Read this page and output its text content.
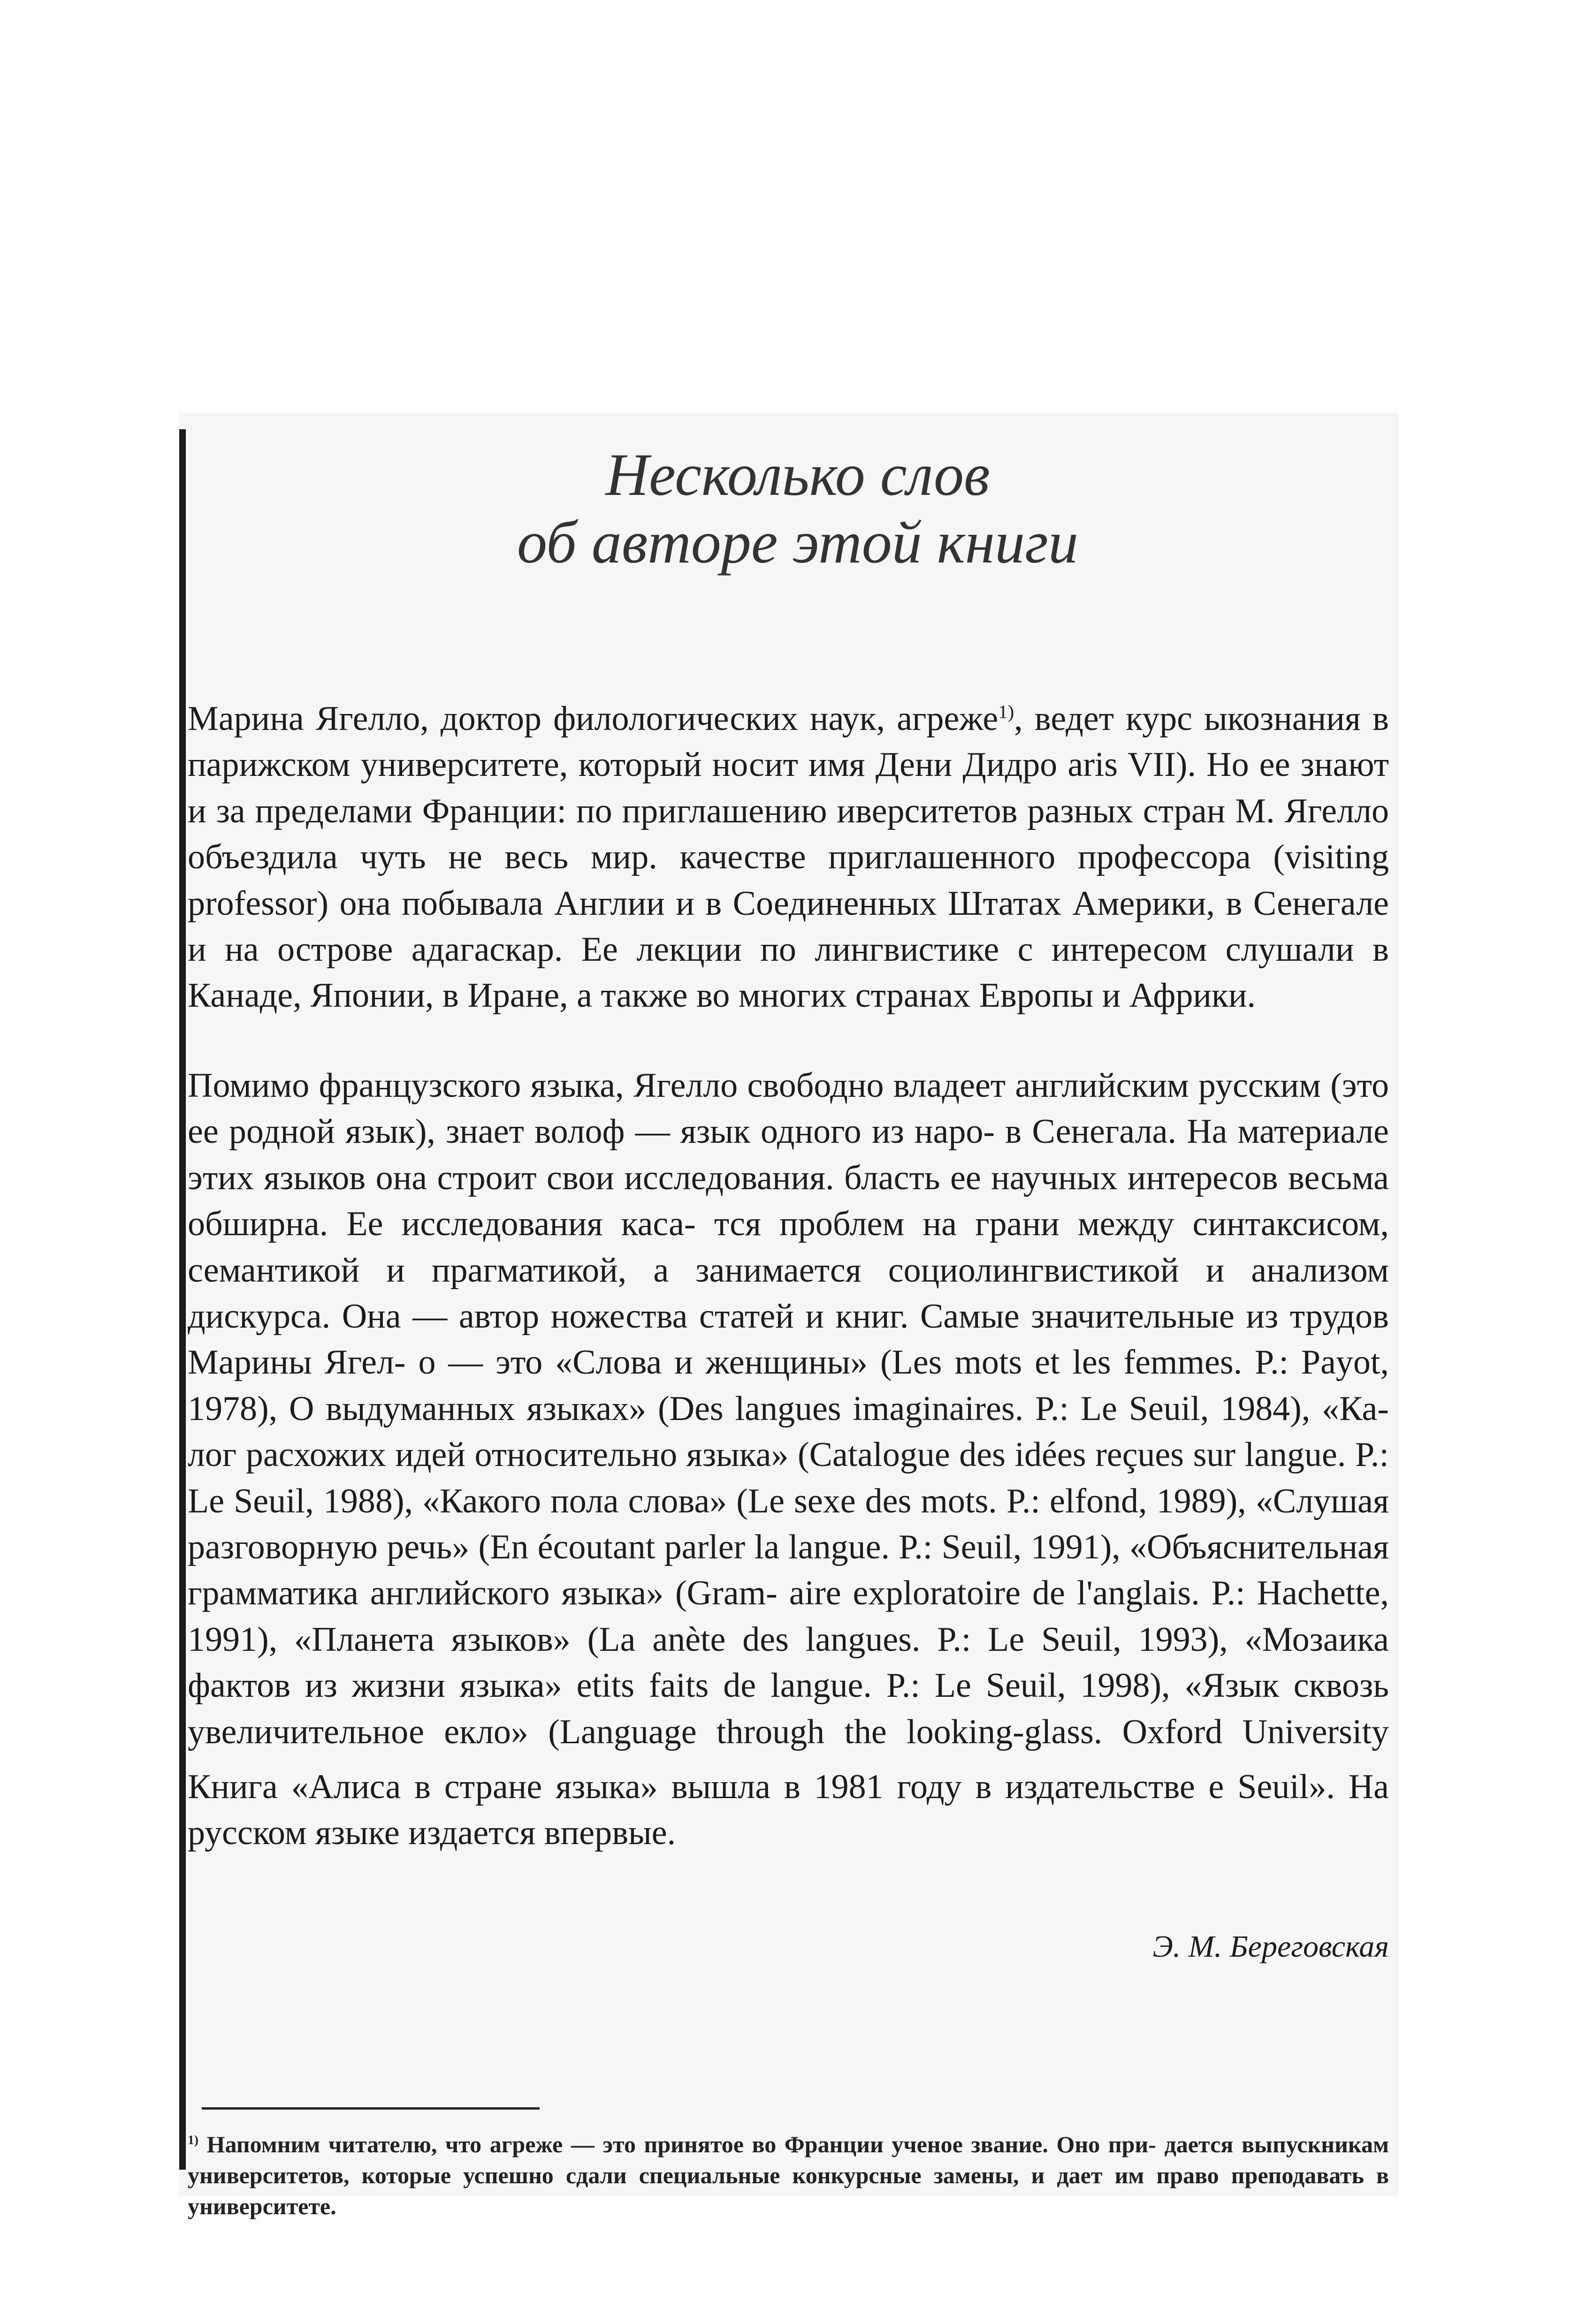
Несколько слов
об авторе этой книги

Марина Ягелло, доктор филологических наук, агреже$^{1)}$, ведет курс ыкознания в парижском университете, который носит имя Дени Дидро aris VII). Но ее знают и за пределами Франции: по приглашению иверситетов разных стран М. Ягелло объездила чуть не весь мир. качестве приглашенного профессора (visiting professor) она побывала Англии и в Соединенных Штатах Америки, в Сенегале и на острове адагаскар. Ее лекции по лингвистике с интересом слушали в Канаде, Японии, в Иране, а также во многих странах Европы и Африки.

Помимо французского языка, Ягелло свободно владеет английским русским (это ее родной язык), знает волоф — язык одного из наро- в Сенегала. На материале этих языков она строит свои исследования. бласть ее научных интересов весьма обширна. Ее исследования каса- тся проблем на грани между синтаксисом, семантикой и прагматикой, а занимается социолингвистикой и анализом дискурса. Она — автор ножества статей и книг. Самые значительные из трудов Марины Ягел- о — это «Слова и женщины» (Les mots et les femmes. P.: Payot, 1978), О выдуманных языках» (Des langues imaginaires. P.: Le Seuil, 1984), «Ка- лог расхожих идей относительно языка» (Catalogue des idées reçues sur langue. P.: Le Seuil, 1988), «Какого пола слова» (Le sexe des mots. P.: elfond, 1989), «Слушая разговорную речь» (En écoutant parler la langue. P.: Seuil, 1991), «Объяснительная грамматика английского языка» (Gram- aire exploratoire de l'anglais. P.: Hachette, 1991), «Планета языков» (La anète des langues. P.: Le Seuil, 1993), «Мозаика фактов из жизни языка» etits faits de langue. P.: Le Seuil, 1998), «Язык сквозь увеличительное екло» (Language through the looking-glass. Oxford University

Книга «Алиса в стране языка» вышла в 1981 году в издательстве e Seuil». На русском языке издается впервые.

Э. М. Береговская

$^{1)}$ Напомним читателю, что агреже — это принятое во Франции ученое звание. Оно при- дается выпускникам университетов, которые успешно сдали специальные конкурсные замены, и дает им право преподавать в университете.
